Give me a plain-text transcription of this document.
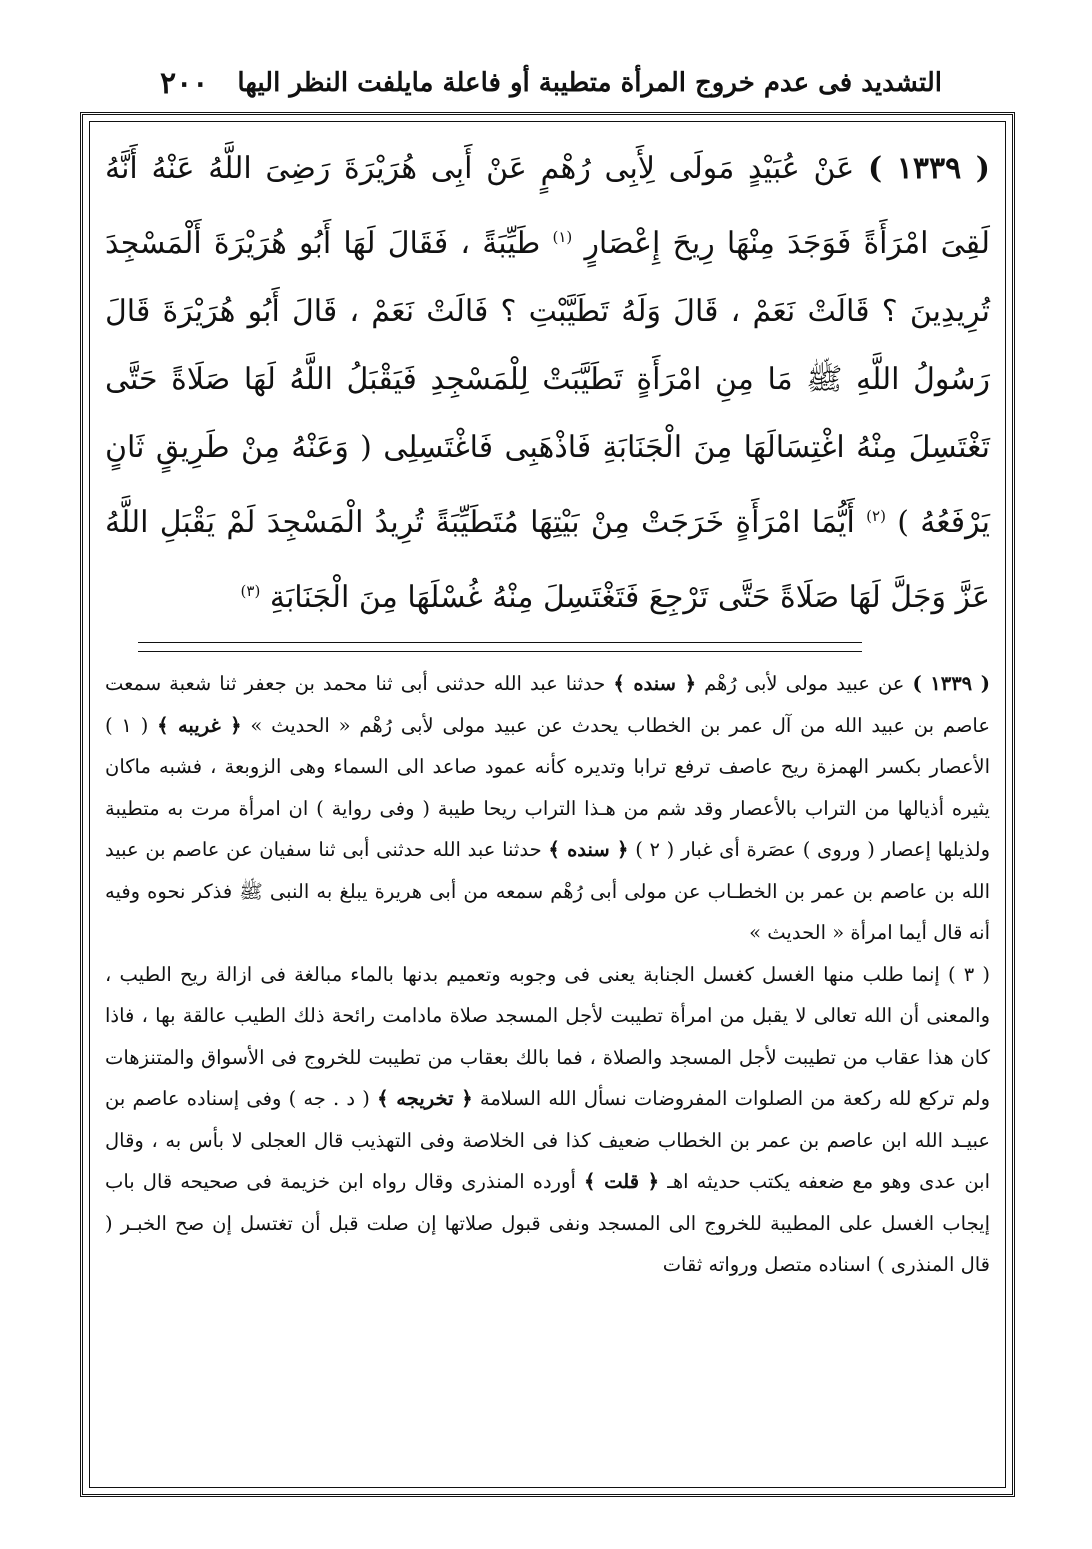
٢٠٠ التشديد فى عدم خروج المرأة متطيبة أو فاعلة مايلفت النظر اليها

( ١٣٣٩ ) عَنْ عُبَيْدٍ مَولَى لِأَبِى رُهْمٍ عَنْ أَبِى هُرَيْرَةَ رَضِىَ اللَّهُ عَنْهُ أَنَّهُ لَقِىَ امْرَأَةً فَوَجَدَ مِنْهَا رِيحَ إِعْصَارٍ $^{(١)}$ طَيِّبَةً ، فَقَالَ لَهَا أَبُو هُرَيْرَةَ أَلْمَسْجِدَ تُرِيدِينَ ؟ قَالَتْ نَعَمْ ، قَالَ وَلَهُ تَطَيَّبْتِ ؟ فَالَتْ نَعَمْ ، قَالَ أَبُو هُرَيْرَةَ قَالَ رَسُولُ اللَّهِ ﷺ مَا مِنِ امْرَأَةٍ تَطَيَّبَتْ لِلْمَسْجِدِ فَيَقْبَلُ اللَّهُ لَهَا صَلَاةً حَتَّى تَغْتَسِلَ مِنْهُ اغْتِسَالَهَا مِنَ الْجَنَابَةِ فَاذْهَبِى فَاغْتَسِلِى ( وَعَنْهُ مِنْ طَرِيقٍ ثَانٍ يَرْفَعُهُ ) $^{(٢)}$ أَيُّمَا امْرَأَةٍ خَرَجَتْ مِنْ بَيْتِهَا مُتَطَيِّبَةً تُرِيدُ الْمَسْجِدَ لَمْ يَقْبَلِ اللَّهُ عَزَّ وَجَلَّ لَهَا صَلَاةً حَتَّى تَرْجِعَ فَتَغْتَسِلَ مِنْهُ غُسْلَهَا مِنَ الْجَنَابَةِ $^{(٣)}$

( ١٣٣٩ ) عن عبيد مولى لأبى رُهْم ﴿ سنده ﴾ حدثنا عبد الله حدثنى أبى ثنا محمد بن جعفر ثنا شعبة سمعت عاصم بن عبيد الله من آل عمر بن الخطاب يحدث عن عبيد مولى لأبى رُهْم « الحديث » ﴿ غريبه ﴾ ( ١ ) الأعصار بكسر الهمزة ريح عاصف ترفع ترابا وتديره كأنه عمود صاعد الى السماء وهى الزوبعة ، فشبه ماكان يثيره أذيالها من التراب بالأعصار وقد شم من هـذا التراب ريحا طيبة ( وفى رواية ) ان امرأة مرت به متطيبة ولذيلها إعصار ( وروى ) عصَرة أى غبار ( ٢ ) ﴿ سنده ﴾ حدثنا عبد الله حدثنى أبى ثنا سفيان عن عاصم بن عبيد الله بن عاصم بن عمر بن الخطـاب عن مولى أبى رُهْم سمعه من أبى هريرة يبلغ به النبى ﷺ فذكر نحوه وفيه أنه قال أيما امرأة « الحديث »

( ٣ ) إنما طلب منها الغسل كغسل الجنابة يعنى فى وجوبه وتعميم بدنها بالماء مبالغة فى ازالة ريح الطيب ، والمعنى أن الله تعالى لا يقبل من امرأة تطيبت لأجل المسجد صلاة مادامت رائحة ذلك الطيب عالقة بها ، فاذا كان هذا عقاب من تطيبت لأجل المسجد والصلاة ، فما بالك بعقاب من تطيبت للخروج فى الأسواق والمتنزهات ولم تركع لله ركعة من الصلوات المفروضات نسأل الله السلامة ﴿ تخريجه ﴾ ( د . جه ) وفى إسناده عاصم بن عبيـد الله ابن عاصم بن عمر بن الخطاب ضعيف كذا فى الخلاصة وفى التهذيب قال العجلى لا بأس به ، وقال ابن عدى وهو مع ضعفه يكتب حديثه اهـ ﴿ قلت ﴾ أورده المنذرى وقال رواه ابن خزيمة فى صحيحه قال باب إيجاب الغسل على المطيبة للخروج الى المسجد ونفى قبول صلاتها إن صلت قبل أن تغتسل إن صح الخبـر ( قال المنذرى ) اسناده متصل ورواته ثقات
